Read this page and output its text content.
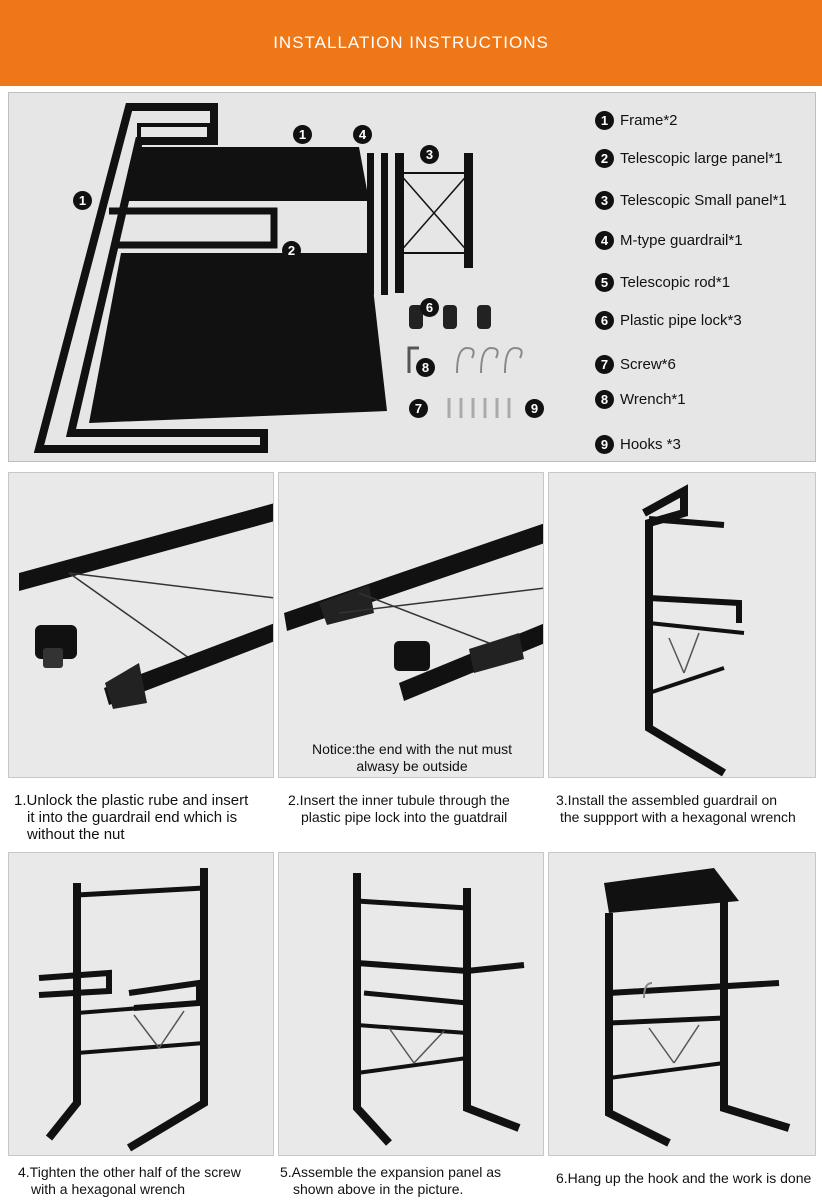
INSTALLATION INSTRUCTIONS
1	4
3
1
2
6
8
7	9
1 Frame*2
2 Telescopic large panel*1
3 Telescopic Small panel*1
4 M-type guardrail*1
5 Telescopic rod*1
6 Plastic pipe lock*3
7 Screw*6
8 Wrench*1
9 Hooks *3
Notice:the end with the nut must
alwasy be outside
1.Unlock the plastic rube and insert
it into the guardrail end which is
without the nut
2.Insert the inner tubule through the
plastic pipe lock into the guatdrail
3.Install the assembled guardrail on
the suppport with a hexagonal wrench
4.Tighten the other half of the screw
with a hexagonal wrench
5.Assemble the expansion panel as
shown above in the picture.
6.Hang up the hook and the work is done
